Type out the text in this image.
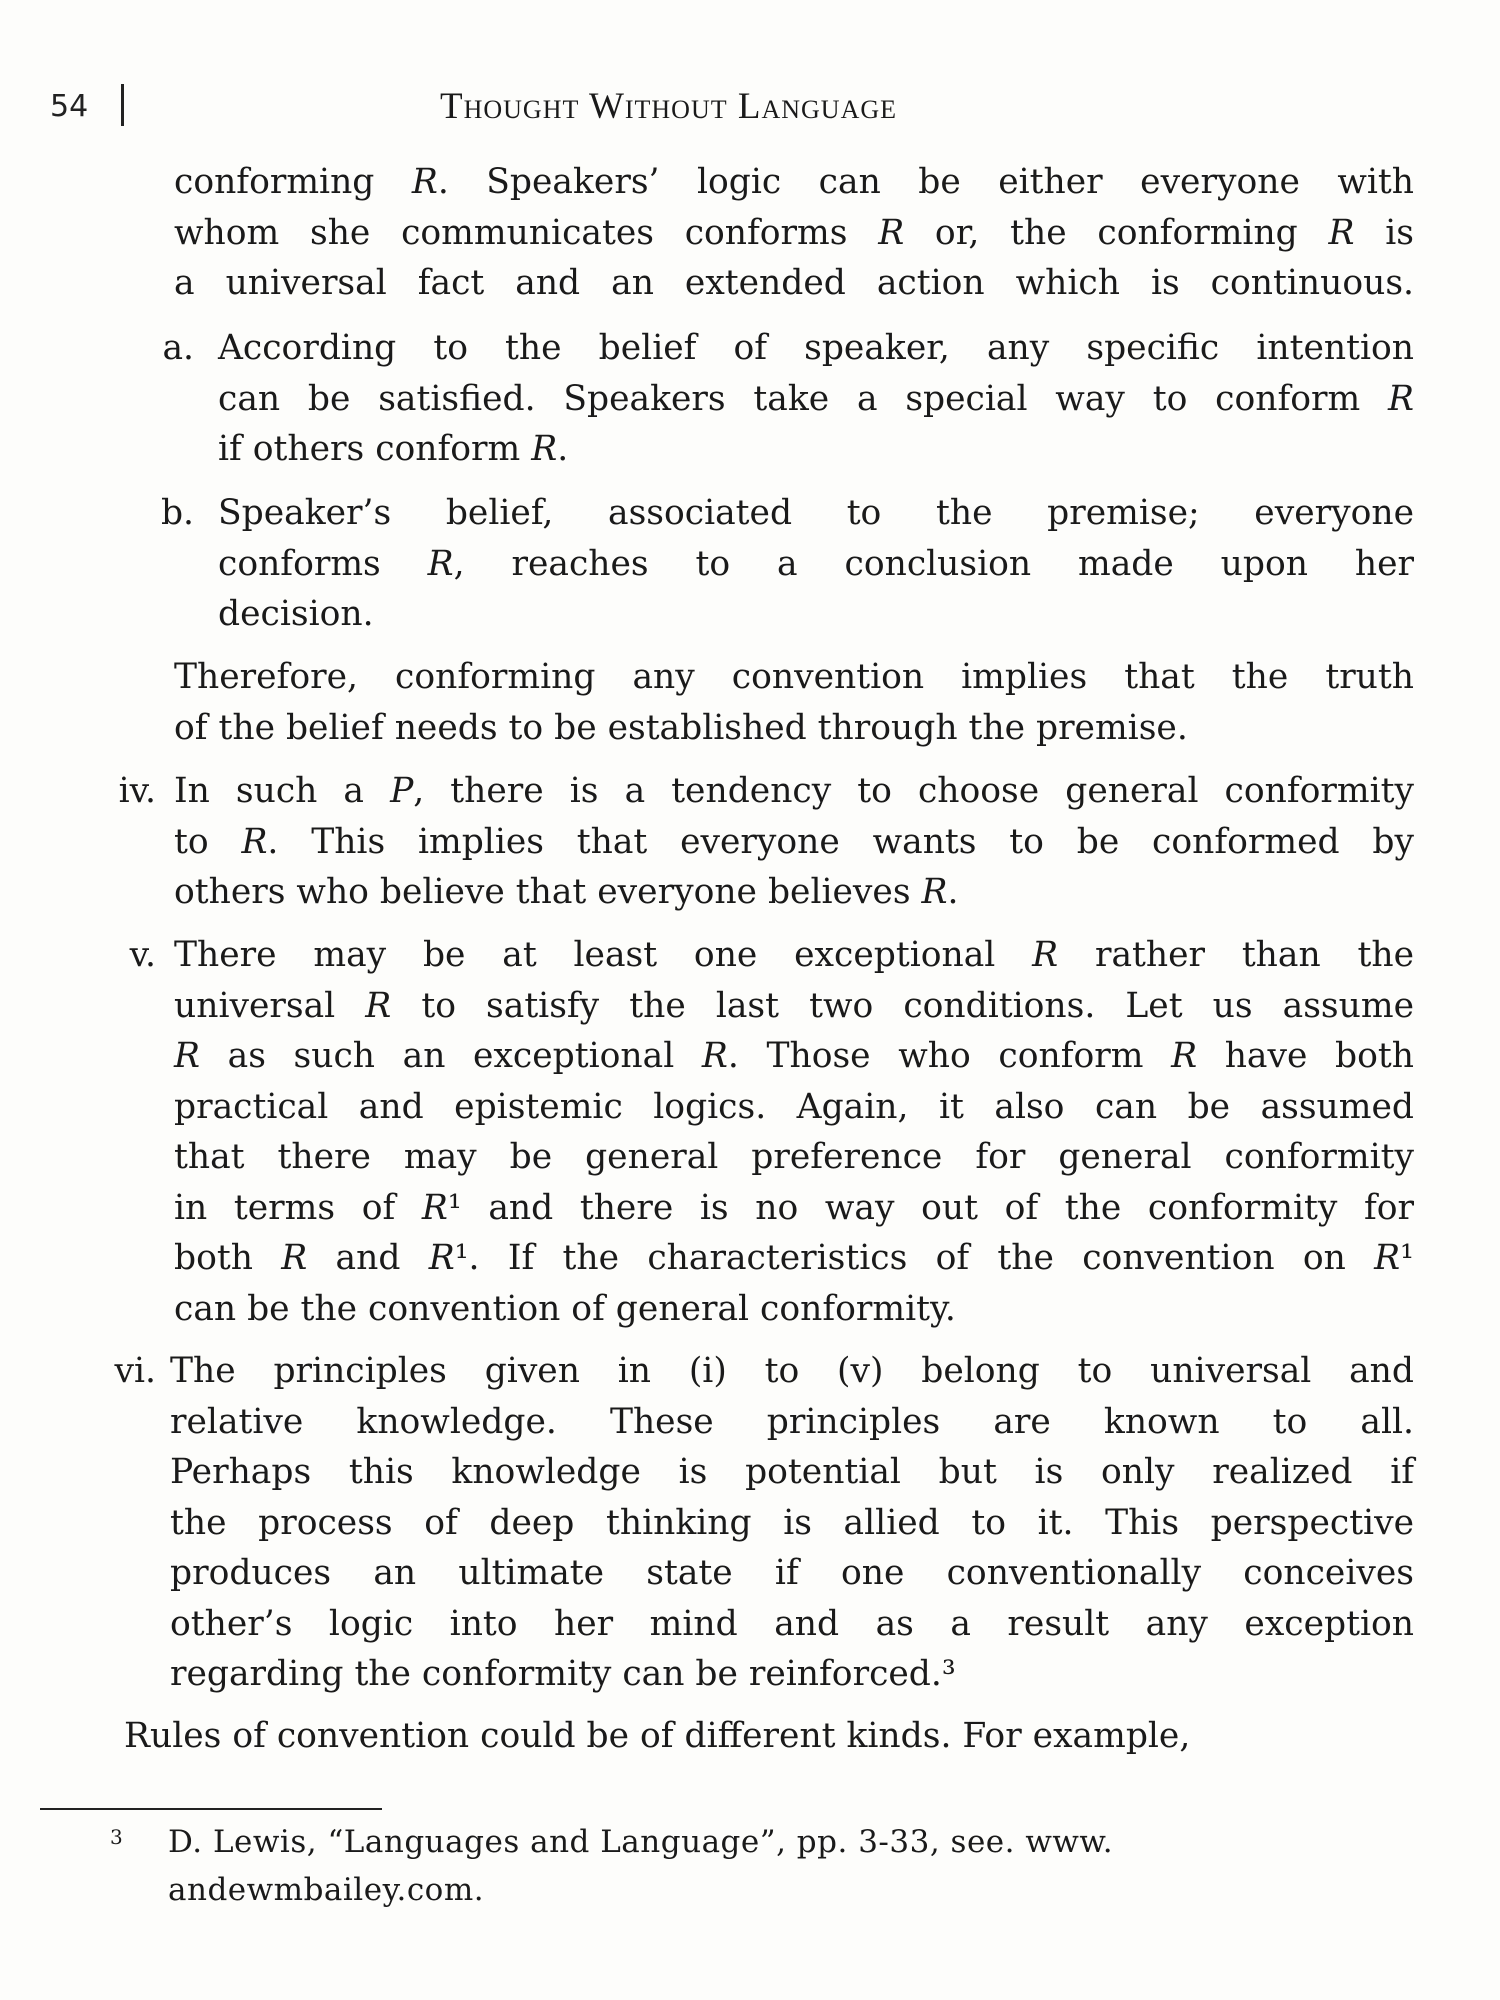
54	Thought Without Language
conforming R. Speakers’ logic can be either everyone with
whom she communicates conforms R or, the conforming R is
a universal fact and an extended action which is continuous.
a. According to the belief of speaker, any specific intention
can be satisfied. Speakers take a special way to conform R
if others conform R.
b. Speaker’s belief, associated to the premise; everyone
conforms R, reaches to a conclusion made upon her
decision.
Therefore, conforming any convention implies that the truth
of the belief needs to be established through the premise.
iv. In such a P, there is a tendency to choose general conformity
to R. This implies that everyone wants to be conformed by
others who believe that everyone believes R.
v. There may be at least one exceptional R rather than the
universal R to satisfy the last two conditions. Let us assume
R as such an exceptional R. Those who conform R have both
practical and epistemic logics. Again, it also can be assumed
that there may be general preference for general conformity
in terms of R¹ and there is no way out of the conformity for
both R and R¹. If the characteristics of the convention on R¹
can be the convention of general conformity.
vi. The principles given in (i) to (v) belong to universal and
relative knowledge. These principles are known to all.
Perhaps this knowledge is potential but is only realized if
the process of deep thinking is allied to it. This perspective
produces an ultimate state if one conventionally conceives
other’s logic into her mind and as a result any exception
regarding the conformity can be reinforced.³
Rules of convention could be of different kinds. For example,
3 D. Lewis, “Languages and Language”, pp. 3-33, see. www.
andewmbailey.com.
